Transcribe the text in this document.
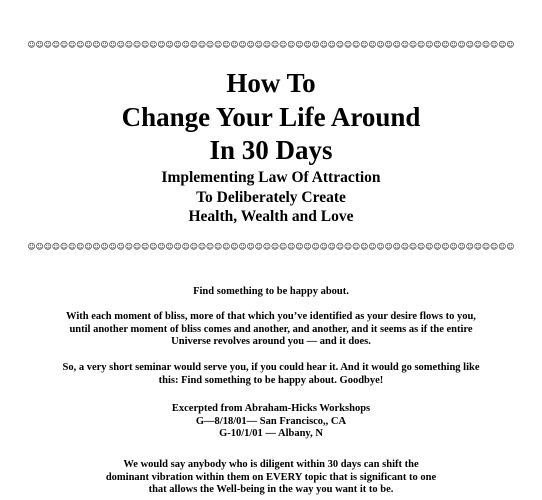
☺☺☺☺☺☺☺☺☺☺☺☺☺☺☺☺☺☺☺☺☺☺☺☺☺☺☺☺☺☺☺☺☺☺☺☺☺☺☺☺☺☺☺☺☺☺☺☺☺☺☺☺☺☺☺☺☺☺☺☺
How To
Change Your Life Around
In 30 Days
Implementing Law Of Attraction
To Deliberately Create
Health, Wealth and Love
☺☺☺☺☺☺☺☺☺☺☺☺☺☺☺☺☺☺☺☺☺☺☺☺☺☺☺☺☺☺☺☺☺☺☺☺☺☺☺☺☺☺☺☺☺☺☺☺☺☺☺☺☺☺☺☺☺☺☺☺
Find something to be happy about.
With each moment of bliss, more of that which you’ve identified as your desire flows to you,
until another moment of bliss comes and another, and another, and it seems as if the entire
Universe revolves around you — and it does.
So, a very short seminar would serve you, if you could hear it. And it would go something like
this: Find something to be happy about. Goodbye!
Excerpted from Abraham-Hicks Workshops
G—8/18/01— San Francisco,, CA
G-10/1/01 — Albany, N
We would say anybody who is diligent within 30 days can shift the
dominant vibration within them on EVERY topic that is significant to one
that allows the Well-being in the way you want it to be.
